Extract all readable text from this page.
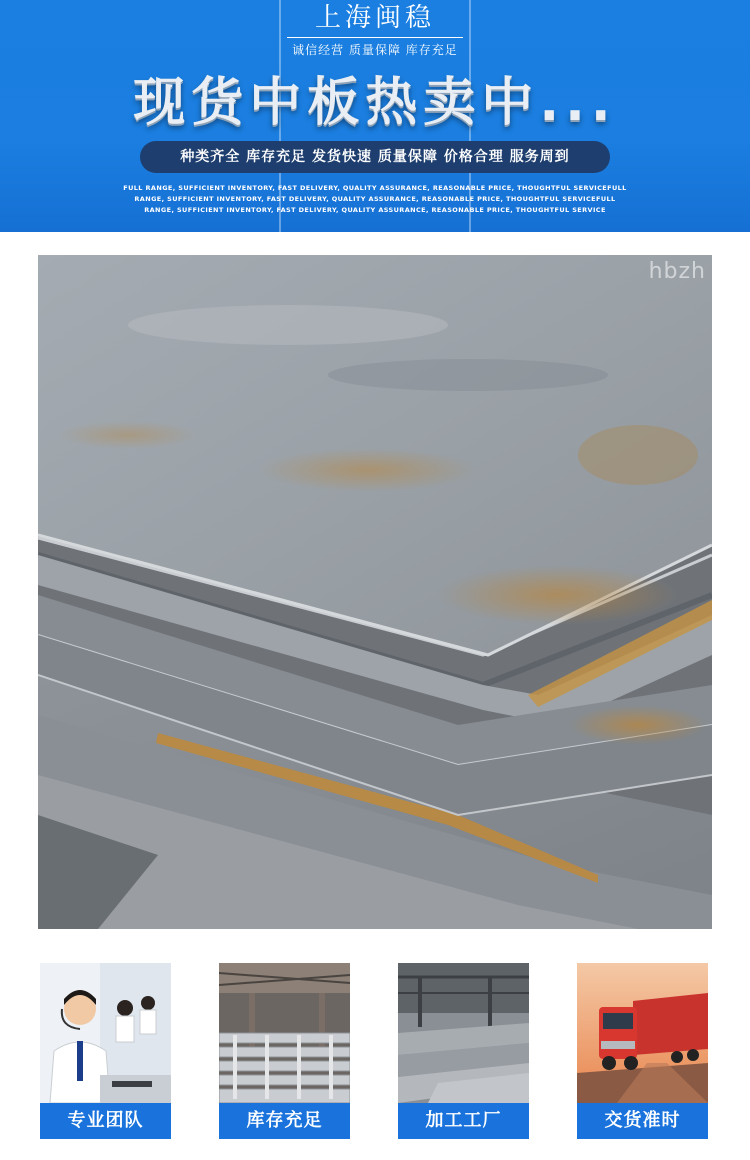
上海闽稳
诚信经营 质量保障 库存充足
现货中板热卖中...
种类齐全 库存充足 发货快速 质量保障 价格合理 服务周到
FULL RANGE, SUFFICIENT INVENTORY, FAST DELIVERY, QUALITY ASSURANCE, REASONABLE PRICE, THOUGHTFUL SERVICEFULL
RANGE, SUFFICIENT INVENTORY, FAST DELIVERY, QUALITY ASSURANCE, REASONABLE PRICE, THOUGHTFUL SERVICEFULL
RANGE, SUFFICIENT INVENTORY, FAST DELIVERY, QUALITY ASSURANCE, REASONABLE PRICE, THOUGHTFUL SERVICE
hbzh
专业团队	库存充足	加工工厂	交货准时
